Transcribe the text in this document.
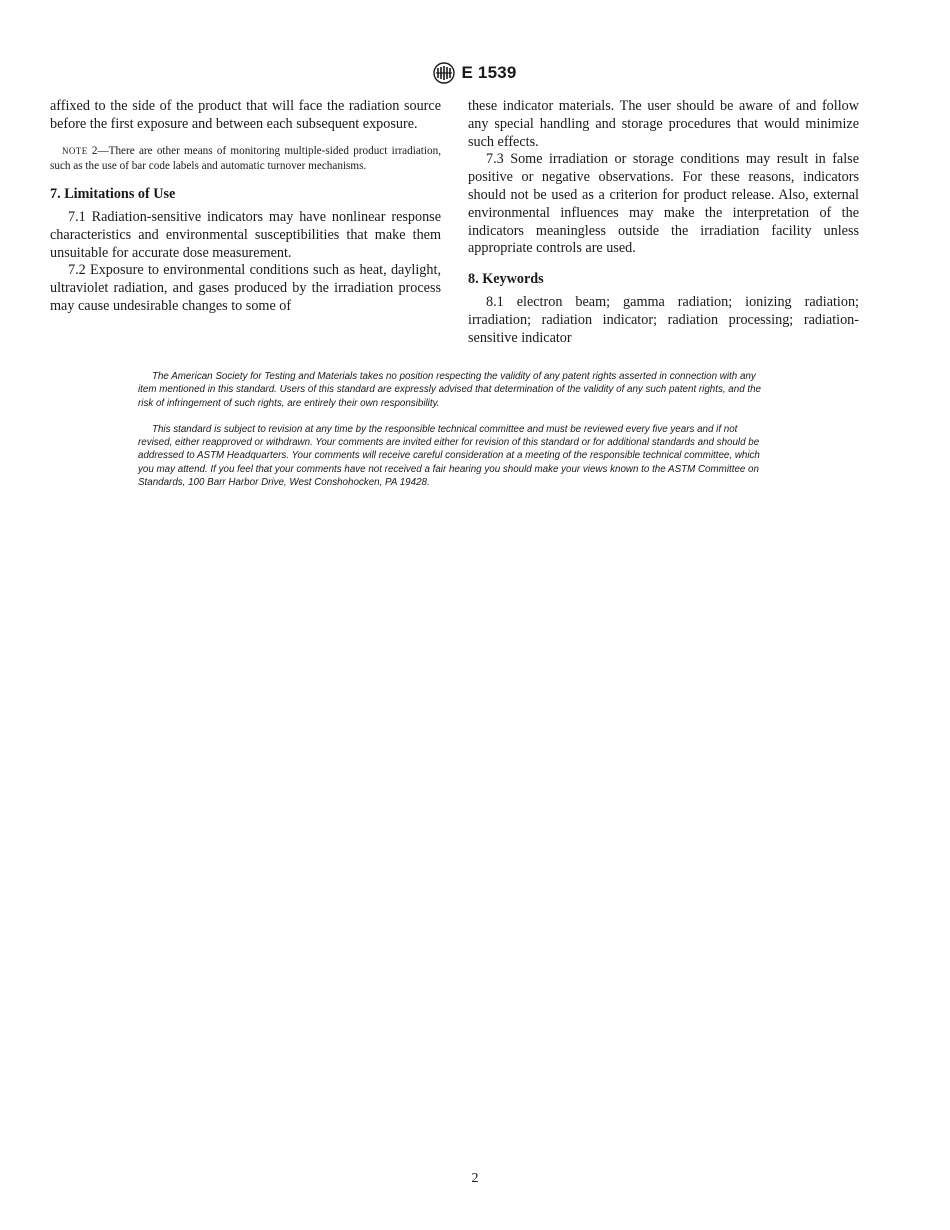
E 1539

affixed to the side of the product that will face the radiation source before the first exposure and between each subsequent exposure.

NOTE 2—There are other means of monitoring multiple-sided product irradiation, such as the use of bar code labels and automatic turnover mechanisms.

7. Limitations of Use

7.1 Radiation-sensitive indicators may have nonlinear response characteristics and environmental susceptibilities that make them unsuitable for accurate dose measurement.

7.2 Exposure to environmental conditions such as heat, daylight, ultraviolet radiation, and gases produced by the irradiation process may cause undesirable changes to some of

these indicator materials. The user should be aware of and follow any special handling and storage procedures that would minimize such effects.

7.3 Some irradiation or storage conditions may result in false positive or negative observations. For these reasons, indicators should not be used as a criterion for product release. Also, external environmental influences may make the interpretation of the indicators meaningless outside the irradiation facility unless appropriate controls are used.

8. Keywords

8.1 electron beam; gamma radiation; ionizing radiation; irradiation; radiation indicator; radiation processing; radiation-sensitive indicator

The American Society for Testing and Materials takes no position respecting the validity of any patent rights asserted in connection with any item mentioned in this standard. Users of this standard are expressly advised that determination of the validity of any such patent rights, and the risk of infringement of such rights, are entirely their own responsibility.

This standard is subject to revision at any time by the responsible technical committee and must be reviewed every five years and if not revised, either reapproved or withdrawn. Your comments are invited either for revision of this standard or for additional standards and should be addressed to ASTM Headquarters. Your comments will receive careful consideration at a meeting of the responsible technical committee, which you may attend. If you feel that your comments have not received a fair hearing you should make your views known to the ASTM Committee on Standards, 100 Barr Harbor Drive, West Conshohocken, PA 19428.

2
